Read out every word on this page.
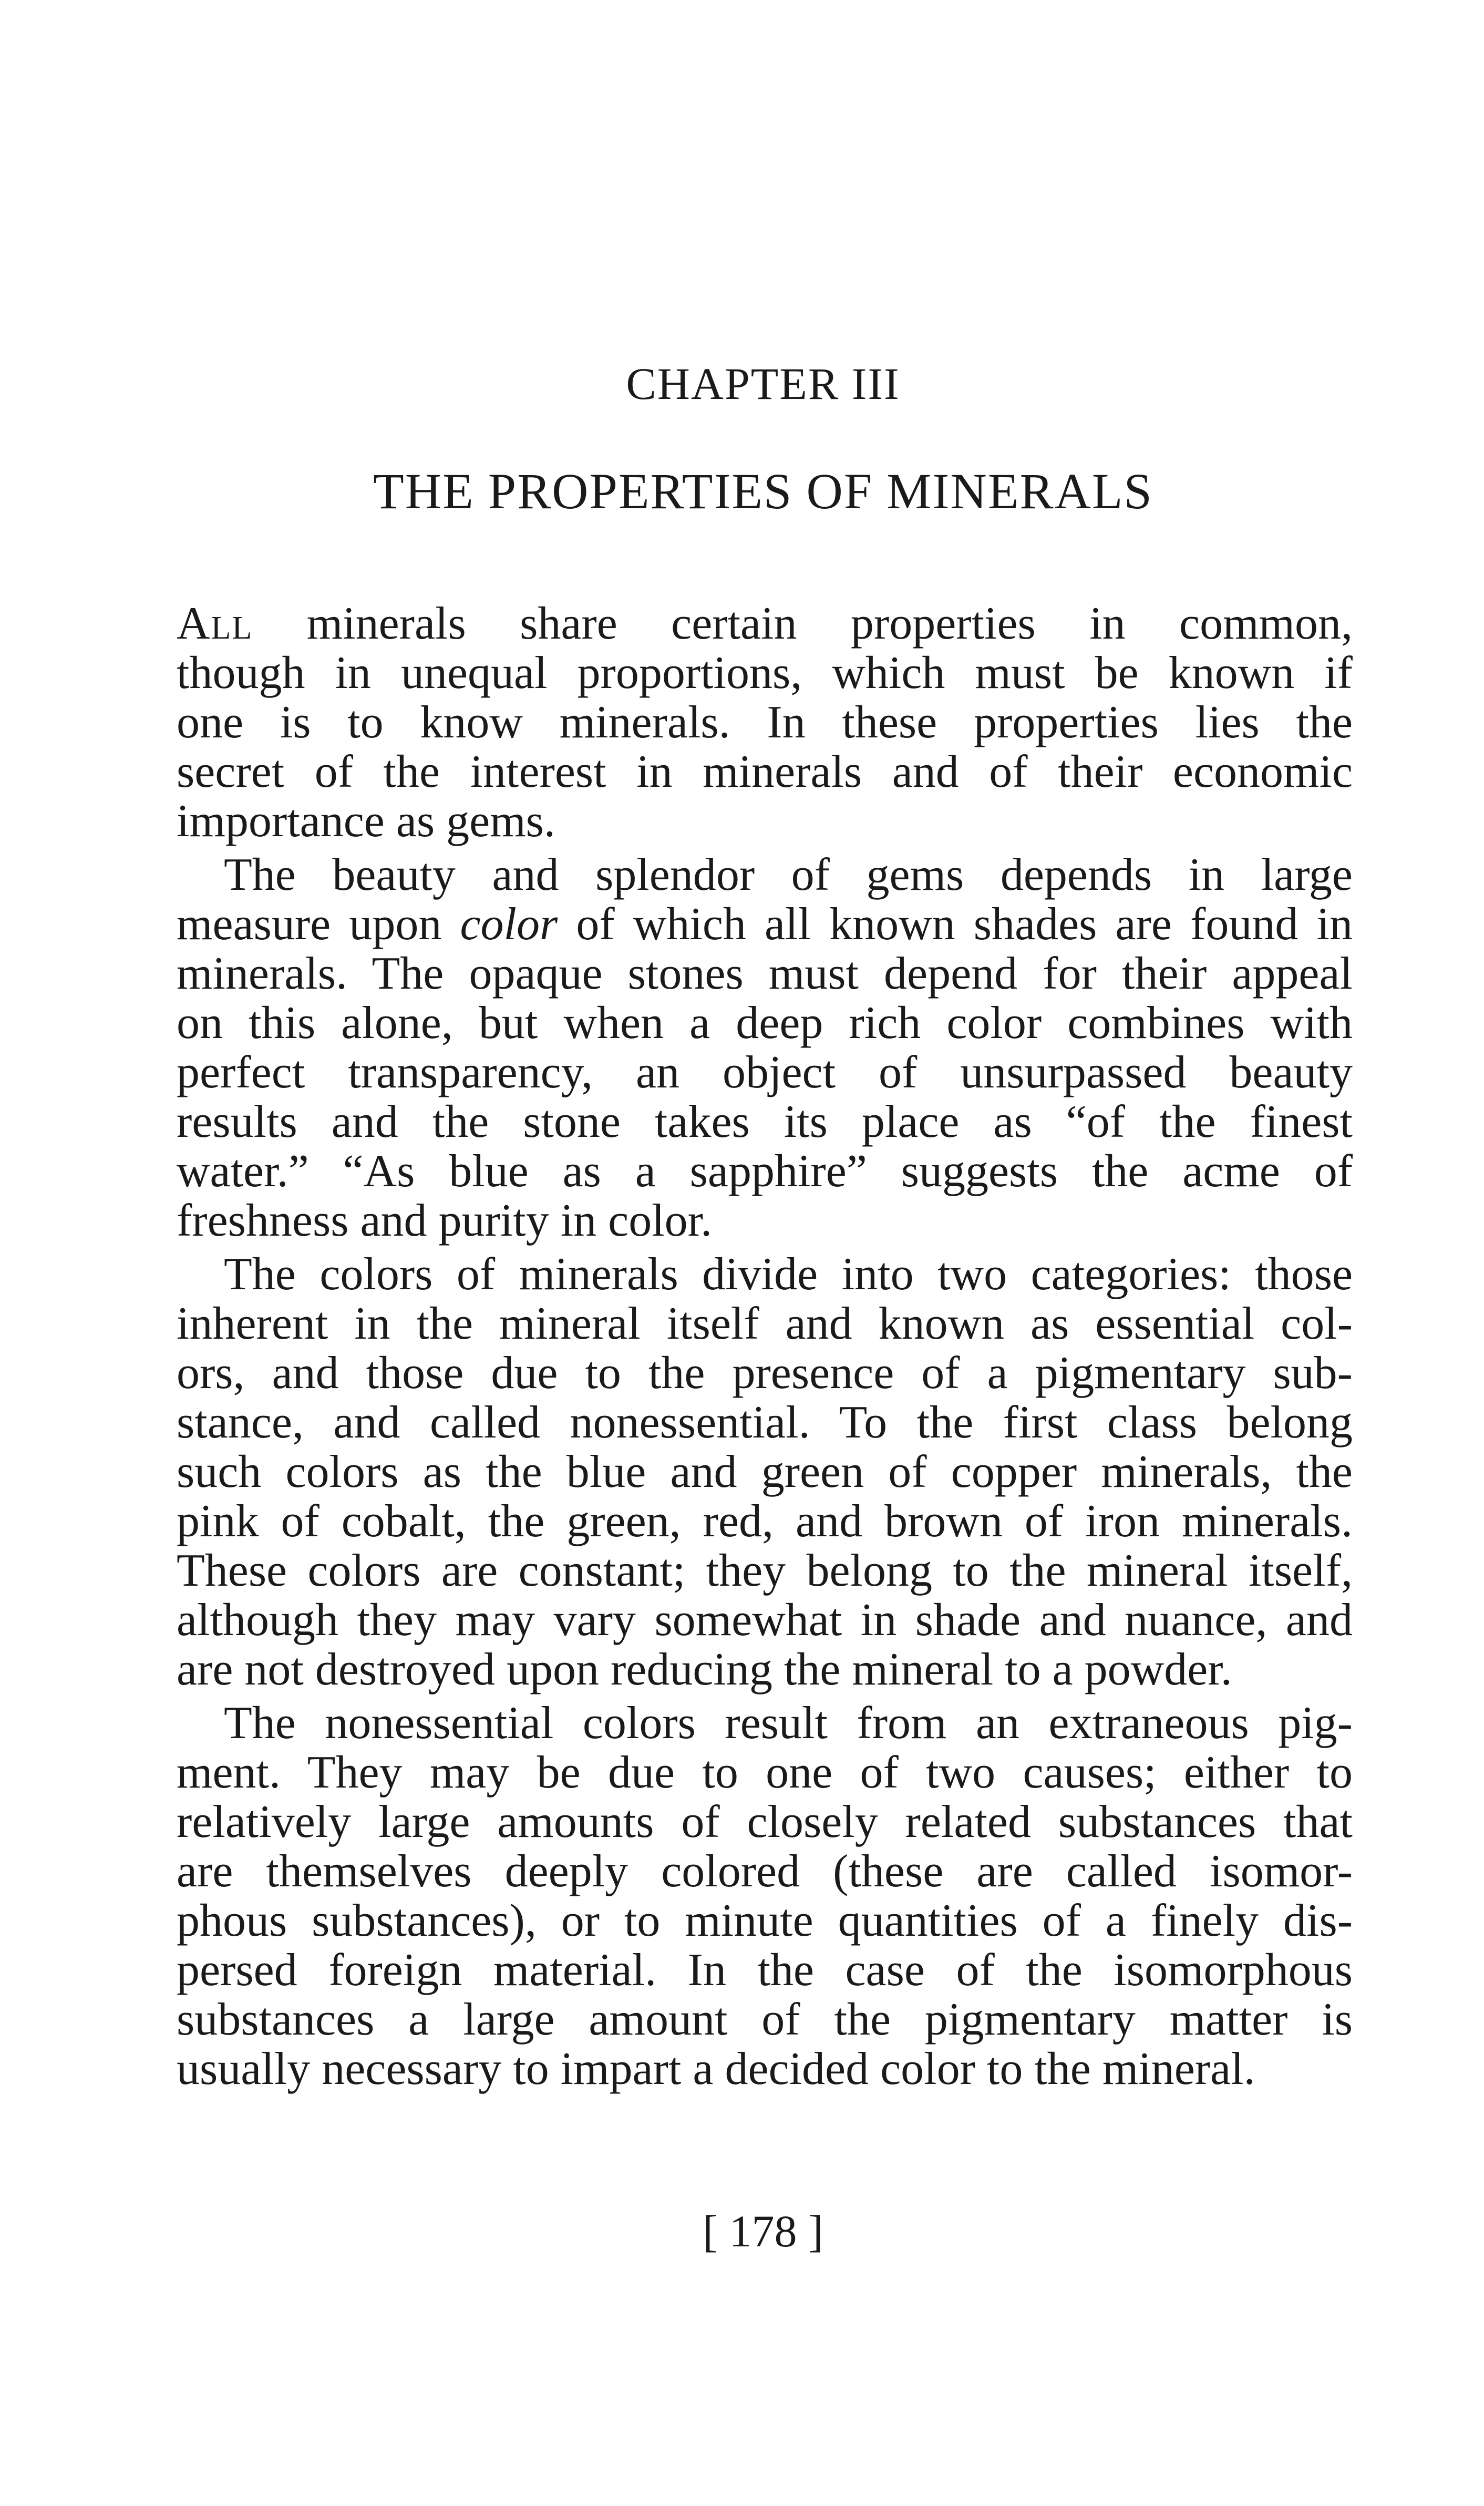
CHAPTER III
THE PROPERTIES OF MINERALS
All minerals share certain properties in common,
though in unequal proportions, which must be known if
one is to know minerals. In these properties lies the
secret of the interest in minerals and of their economic
importance as gems.
The beauty and splendor of gems depends in large
measure upon color of which all known shades are found in
minerals. The opaque stones must depend for their appeal
on this alone, but when a deep rich color combines with
perfect transparency, an object of unsurpassed beauty
results and the stone takes its place as “of the finest
water.” “As blue as a sapphire” suggests the acme of
freshness and purity in color.
The colors of minerals divide into two categories: those
inherent in the mineral itself and known as essential col-
ors, and those due to the presence of a pigmentary sub-
stance, and called nonessential. To the first class belong
such colors as the blue and green of copper minerals, the
pink of cobalt, the green, red, and brown of iron minerals.
These colors are constant; they belong to the mineral itself,
although they may vary somewhat in shade and nuance, and
are not destroyed upon reducing the mineral to a powder.
The nonessential colors result from an extraneous pig-
ment. They may be due to one of two causes; either to
relatively large amounts of closely related substances that
are themselves deeply colored (these are called isomor-
phous substances), or to minute quantities of a finely dis-
persed foreign material. In the case of the isomorphous
substances a large amount of the pigmentary matter is
usually necessary to impart a decided color to the mineral.
[ 178 ]
